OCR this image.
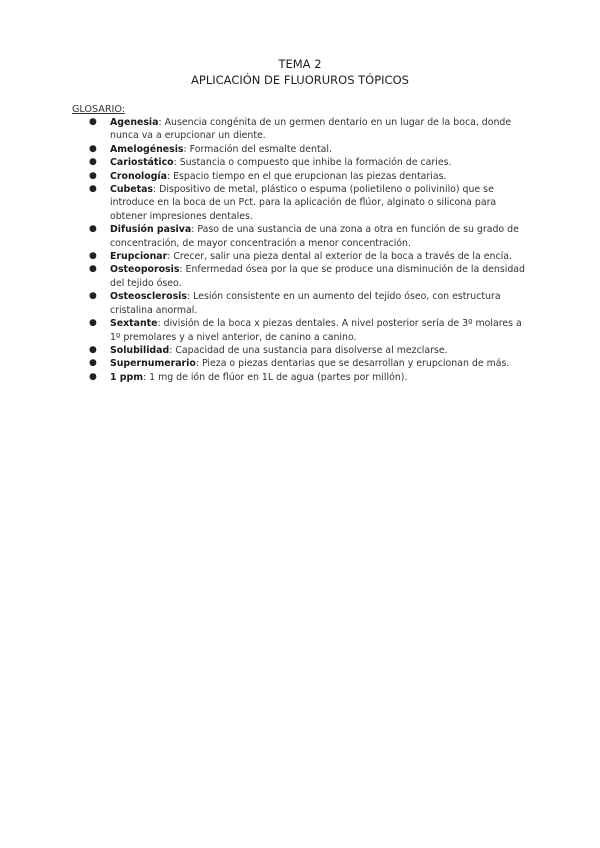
TEMA 2
APLICACIÓN DE FLUORUROS TÓPICOS
GLOSARIO:
● Agenesia: Ausencia congénita de un germen dentario en un lugar de la boca, donde nunca va a erupcionar un diente.
● Amelogénesis: Formación del esmalte dental.
● Cariostático: Sustancia o compuesto que inhibe la formación de caries.
● Cronología: Espacio tiempo en el que erupcionan las piezas dentarias.
● Cubetas: Dispositivo de metal, plástico o espuma (polietileno o polivinilo) que se introduce en la boca de un Pct. para la aplicación de flúor, alginato o silicona para obtener impresiones dentales.
● Difusión pasiva: Paso de una sustancia de una zona a otra en función de su grado de concentración, de mayor concentración a menor concentración.
● Erupcionar: Crecer, salir una pieza dental al exterior de la boca a través de la encía.
● Osteoporosis: Enfermedad ósea por la que se produce una disminución de la densidad del tejido óseo.
● Osteosclerosis: Lesión consistente en un aumento del tejido óseo, con estructura cristalina anormal.
● Sextante: división de la boca x piezas dentales. A nivel posterior sería de 3º molares a 1º premolares y a nivel anterior, de canino a canino.
● Solubilidad: Capacidad de una sustancia para disolverse al mezclarse.
● Supernumerario: Pieza o piezas dentarias que se desarrollan y erupcionan de más.
● 1 ppm: 1 mg de ión de flúor en 1L de agua (partes por millón).
